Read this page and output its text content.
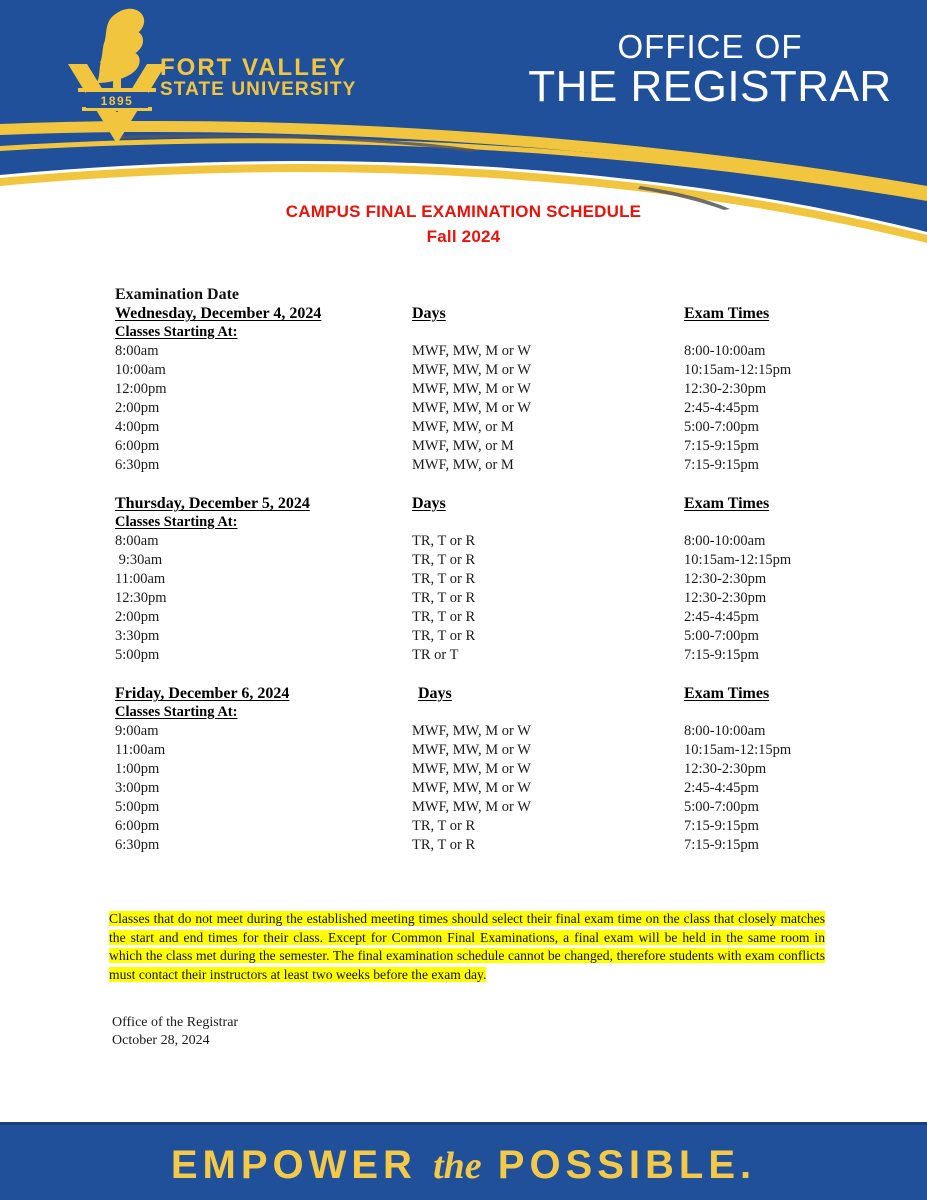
1895
FORT VALLEY
STATE UNIVERSITY
OFFICE OF
THE REGISTRAR
CAMPUS FINAL EXAMINATION SCHEDULE
Fall 2024
Examination Date
Wednesday, December 4, 2024	Days	Exam Times
Classes Starting At:
8:00am	MWF, MW, M or W	8:00-10:00am
10:00am	MWF, MW, M or W	10:15am-12:15pm
12:00pm	MWF, MW, M or W	12:30-2:30pm
2:00pm	MWF, MW, M or W	2:45-4:45pm
4:00pm	MWF, MW, or M	5:00-7:00pm
6:00pm	MWF, MW, or M	7:15-9:15pm
6:30pm	MWF, MW, or M	7:15-9:15pm
Thursday, December 5, 2024	Days	Exam Times
Classes Starting At:
8:00am	TR, T or R	8:00-10:00am
9:30am	TR, T or R	10:15am-12:15pm
11:00am	TR, T or R	12:30-2:30pm
12:30pm	TR, T or R	12:30-2:30pm
2:00pm	TR, T or R	2:45-4:45pm
3:30pm	TR, T or R	5:00-7:00pm
5:00pm	TR or T	7:15-9:15pm
Friday, December 6, 2024	Days	Exam Times
Classes Starting At:
9:00am	MWF, MW, M or W	8:00-10:00am
11:00am	MWF, MW, M or W	10:15am-12:15pm
1:00pm	MWF, MW, M or W	12:30-2:30pm
3:00pm	MWF, MW, M or W	2:45-4:45pm
5:00pm	MWF, MW, M or W	5:00-7:00pm
6:00pm	TR, T or R	7:15-9:15pm
6:30pm	TR, T or R	7:15-9:15pm
Classes that do not meet during the established meeting times should select their final exam time on the class that closely matches the start and end times for their class. Except for Common Final Examinations, a final exam will be held in the same room in which the class met during the semester. The final examination schedule cannot be changed, therefore students with exam conflicts must contact their instructors at least two weeks before the exam day.
Office of the Registrar
October 28, 2024
EMPOWER the POSSIBLE.
